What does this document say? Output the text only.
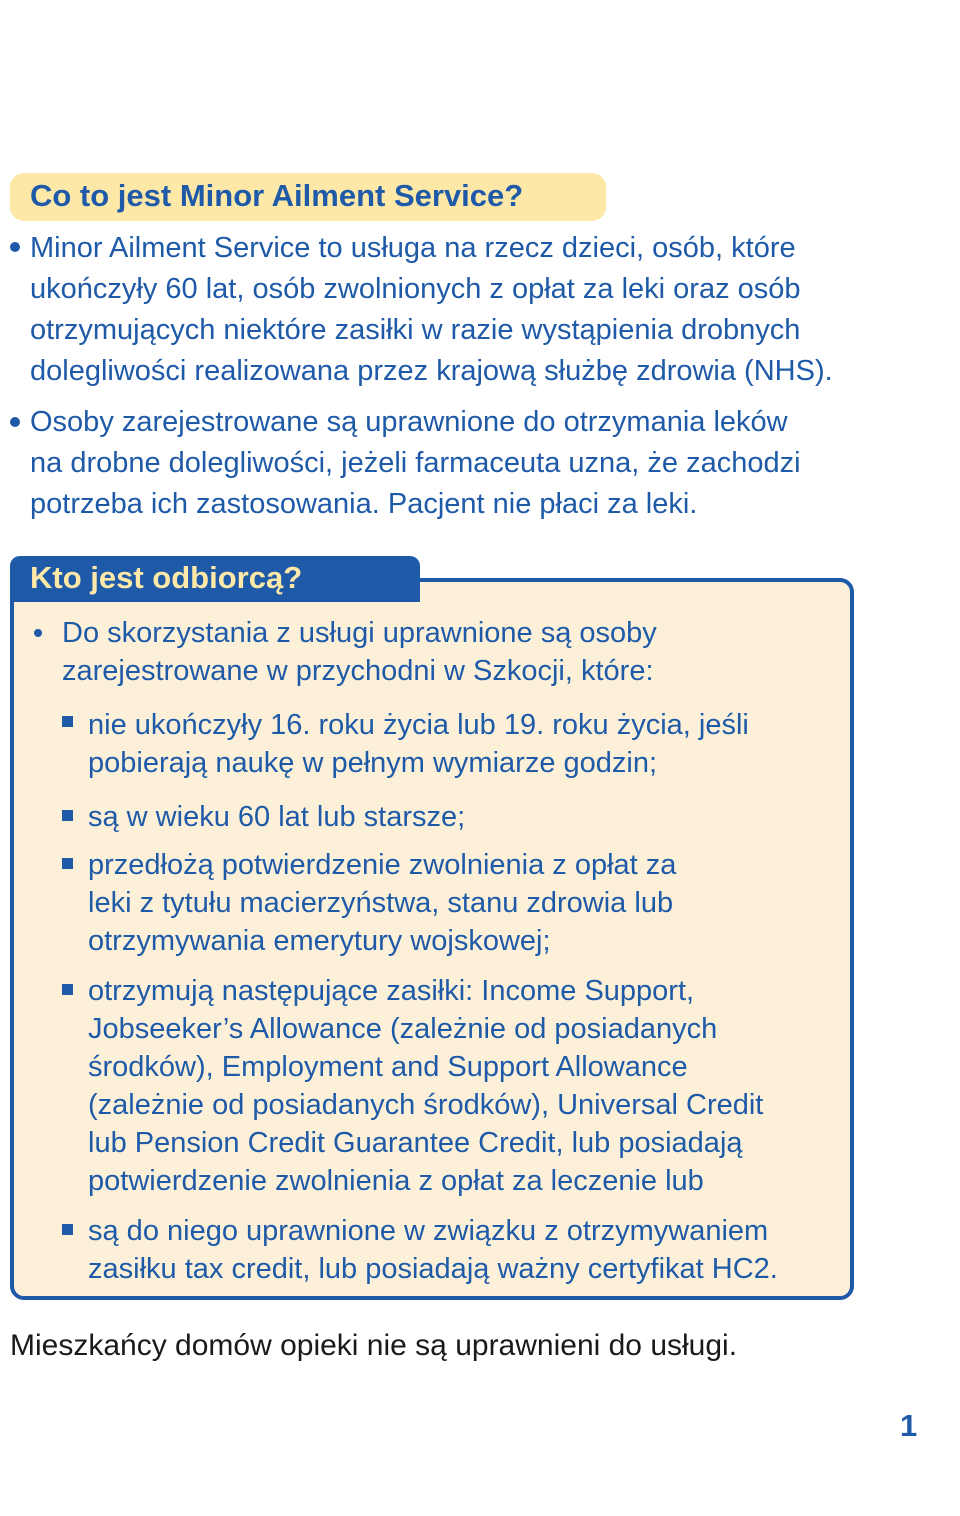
Co to jest Minor Ailment Service?
Minor Ailment Service to usługa na rzecz dzieci, osób, które
ukończyły 60 lat, osób zwolnionych z opłat za leki oraz osób
otrzymujących niektóre zasiłki w razie wystąpienia drobnych
dolegliwości realizowana przez krajową służbę zdrowia (NHS).
Osoby zarejestrowane są uprawnione do otrzymania leków
na drobne dolegliwości, jeżeli farmaceuta uzna, że zachodzi
potrzeba ich zastosowania. Pacjent nie płaci za leki.
Kto jest odbiorcą?
Do skorzystania z usługi uprawnione są osoby
zarejestrowane w przychodni w Szkocji, które:
nie ukończyły 16. roku życia lub 19. roku życia, jeśli
pobierają naukę w pełnym wymiarze godzin;
są w wieku 60 lat lub starsze;
przedłożą potwierdzenie zwolnienia z opłat za
leki z tytułu macierzyństwa, stanu zdrowia lub
otrzymywania emerytury wojskowej;
otrzymują następujące zasiłki: Income Support,
Jobseeker’s Allowance (zależnie od posiadanych
środków), Employment and Support Allowance
(zależnie od posiadanych środków), Universal Credit
lub Pension Credit Guarantee Credit, lub posiadają
potwierdzenie zwolnienia z opłat za leczenie lub
są do niego uprawnione w związku z otrzymywaniem
zasiłku tax credit, lub posiadają ważny certyfikat HC2.
Mieszkańcy domów opieki nie są uprawnieni do usługi.
1
